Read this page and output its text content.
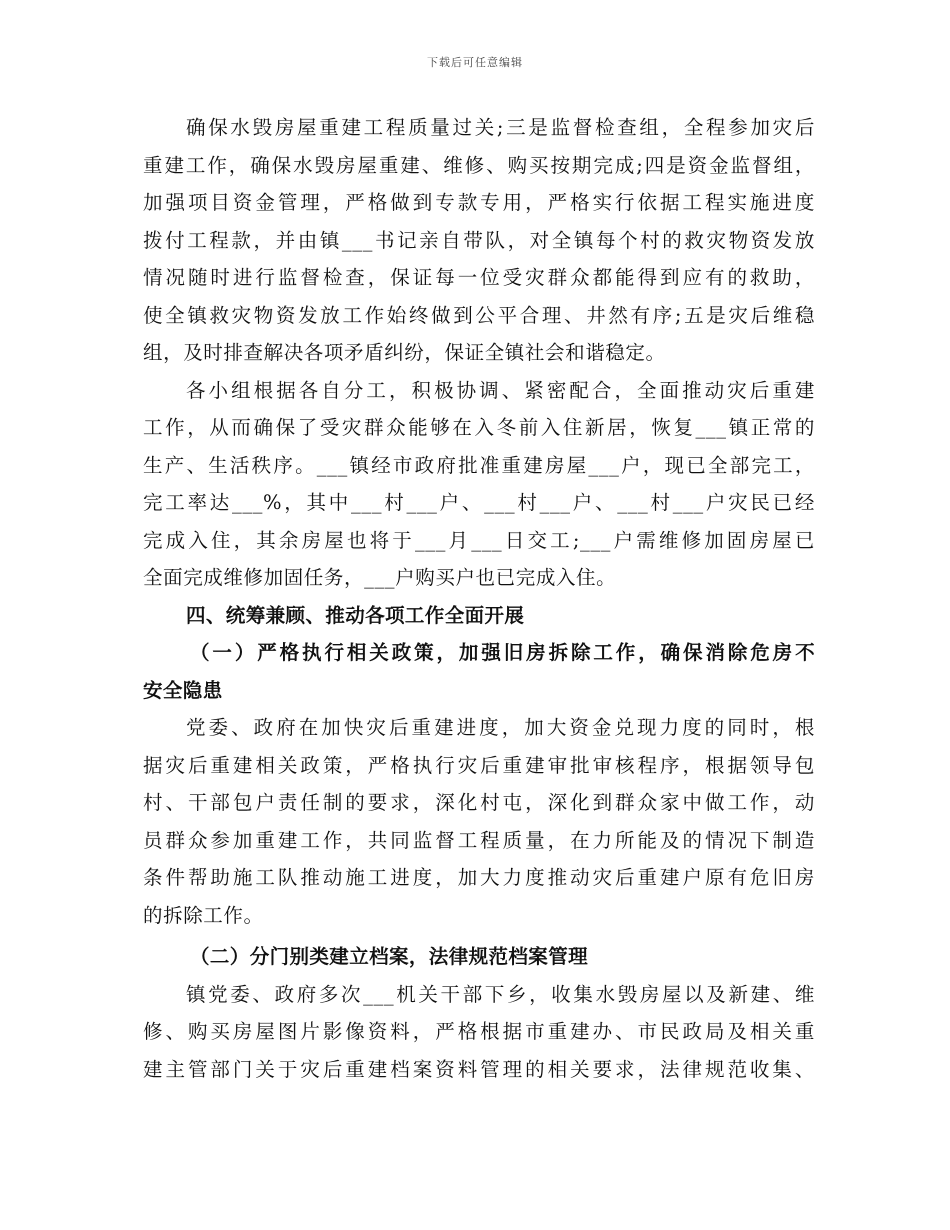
下载后可任意编辑
确保水毁房屋重建工程质量过关;三是监督检查组，全程参加灾后
重建工作，确保水毁房屋重建、维修、购买按期完成;四是资金监督组，
加强项目资金管理，严格做到专款专用，严格实行依据工程实施进度
拨付工程款，并由镇___书记亲自带队，对全镇每个村的救灾物资发放
情况随时进行监督检查，保证每一位受灾群众都能得到应有的救助，
使全镇救灾物资发放工作始终做到公平合理、井然有序;五是灾后维稳
组，及时排查解决各项矛盾纠纷，保证全镇社会和谐稳定。
各小组根据各自分工，积极协调、紧密配合，全面推动灾后重建
工作，从而确保了受灾群众能够在入冬前入住新居，恢复___镇正常的
生产、生活秩序。___镇经市政府批准重建房屋___户，现已全部完工，
完工率达___%，其中___村___户、___村___户、___村___户灾民已经
完成入住，其余房屋也将于___月___日交工;___户需维修加固房屋已
全面完成维修加固任务，___户购买户也已完成入住。
四、统筹兼顾、推动各项工作全面开展
（一）严格执行相关政策，加强旧房拆除工作，确保消除危房不
安全隐患
党委、政府在加快灾后重建进度，加大资金兑现力度的同时，根
据灾后重建相关政策，严格执行灾后重建审批审核程序，根据领导包
村、干部包户责任制的要求，深化村屯，深化到群众家中做工作，动
员群众参加重建工作，共同监督工程质量，在力所能及的情况下制造
条件帮助施工队推动施工进度，加大力度推动灾后重建户原有危旧房
的拆除工作。
（二）分门别类建立档案，法律规范档案管理
镇党委、政府多次___机关干部下乡，收集水毁房屋以及新建、维
修、购买房屋图片影像资料，严格根据市重建办、市民政局及相关重
建主管部门关于灾后重建档案资料管理的相关要求，法律规范收集、
